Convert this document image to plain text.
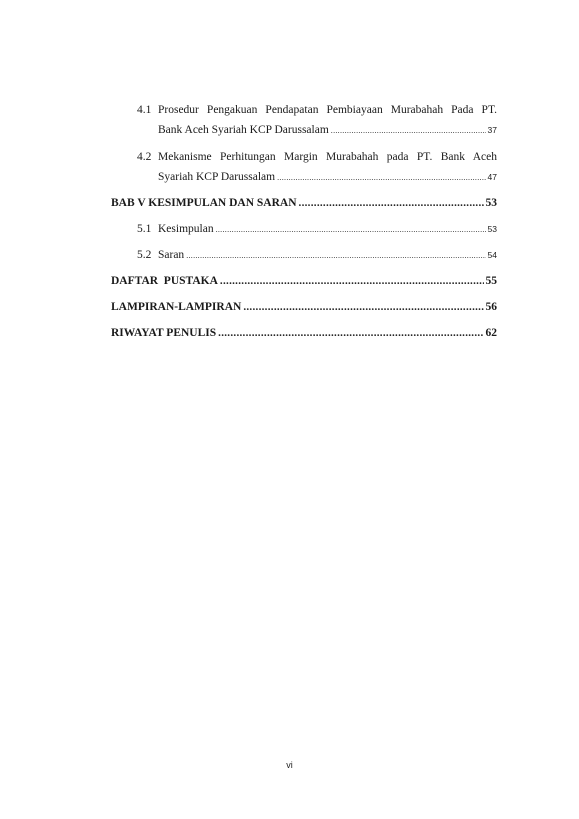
4.1 Prosedur Pengakuan Pendapatan Pembiayaan Murabahah Pada PT.
Bank Aceh Syariah KCP Darussalam .....	37
4.2 Mekanisme Perhitungan Margin Murabahah pada PT. Bank Aceh
Syariah KCP Darussalam .....	47
BAB V KESIMPULAN DAN SARAN .....	53
5.1 Kesimpulan .....	53
5.2 Saran .....	54
DAFTAR  PUSTAKA .....	55
LAMPIRAN-LAMPIRAN .....	56
RIWAYAT PENULIS .....	62
vi
